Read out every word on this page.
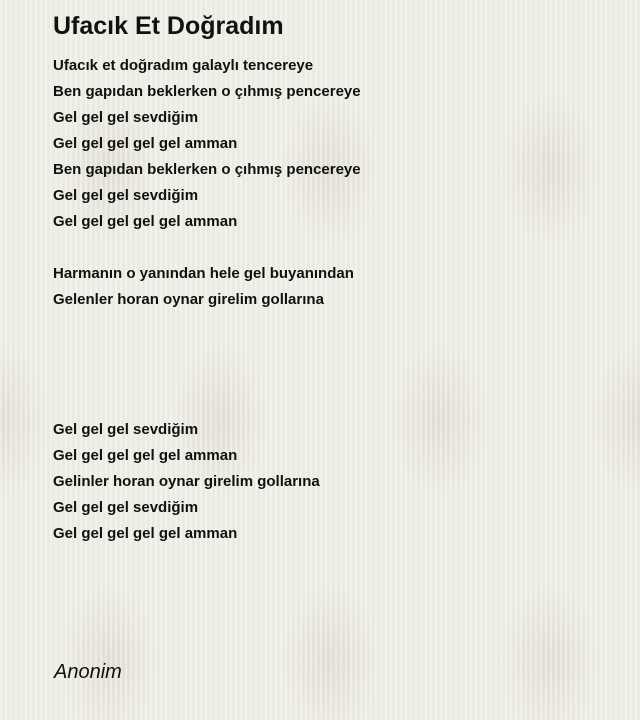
Ufacık Et Doğradım
Ufacık et doğradım galaylı tencereye
Ben gapıdan beklerken o çıhmış pencereye
Gel gel gel sevdiğim
Gel gel gel gel gel amman
Ben gapıdan beklerken o çıhmış pencereye
Gel gel gel sevdiğim
Gel gel gel gel gel amman
Harmanın o yanından hele gel buyanından
Gelenler horan oynar girelim gollarına
Gel gel gel sevdiğim
Gel gel gel gel gel amman
Gelinler horan oynar girelim gollarına
Gel gel gel sevdiğim
Gel gel gel gel gel amman
Anonim
